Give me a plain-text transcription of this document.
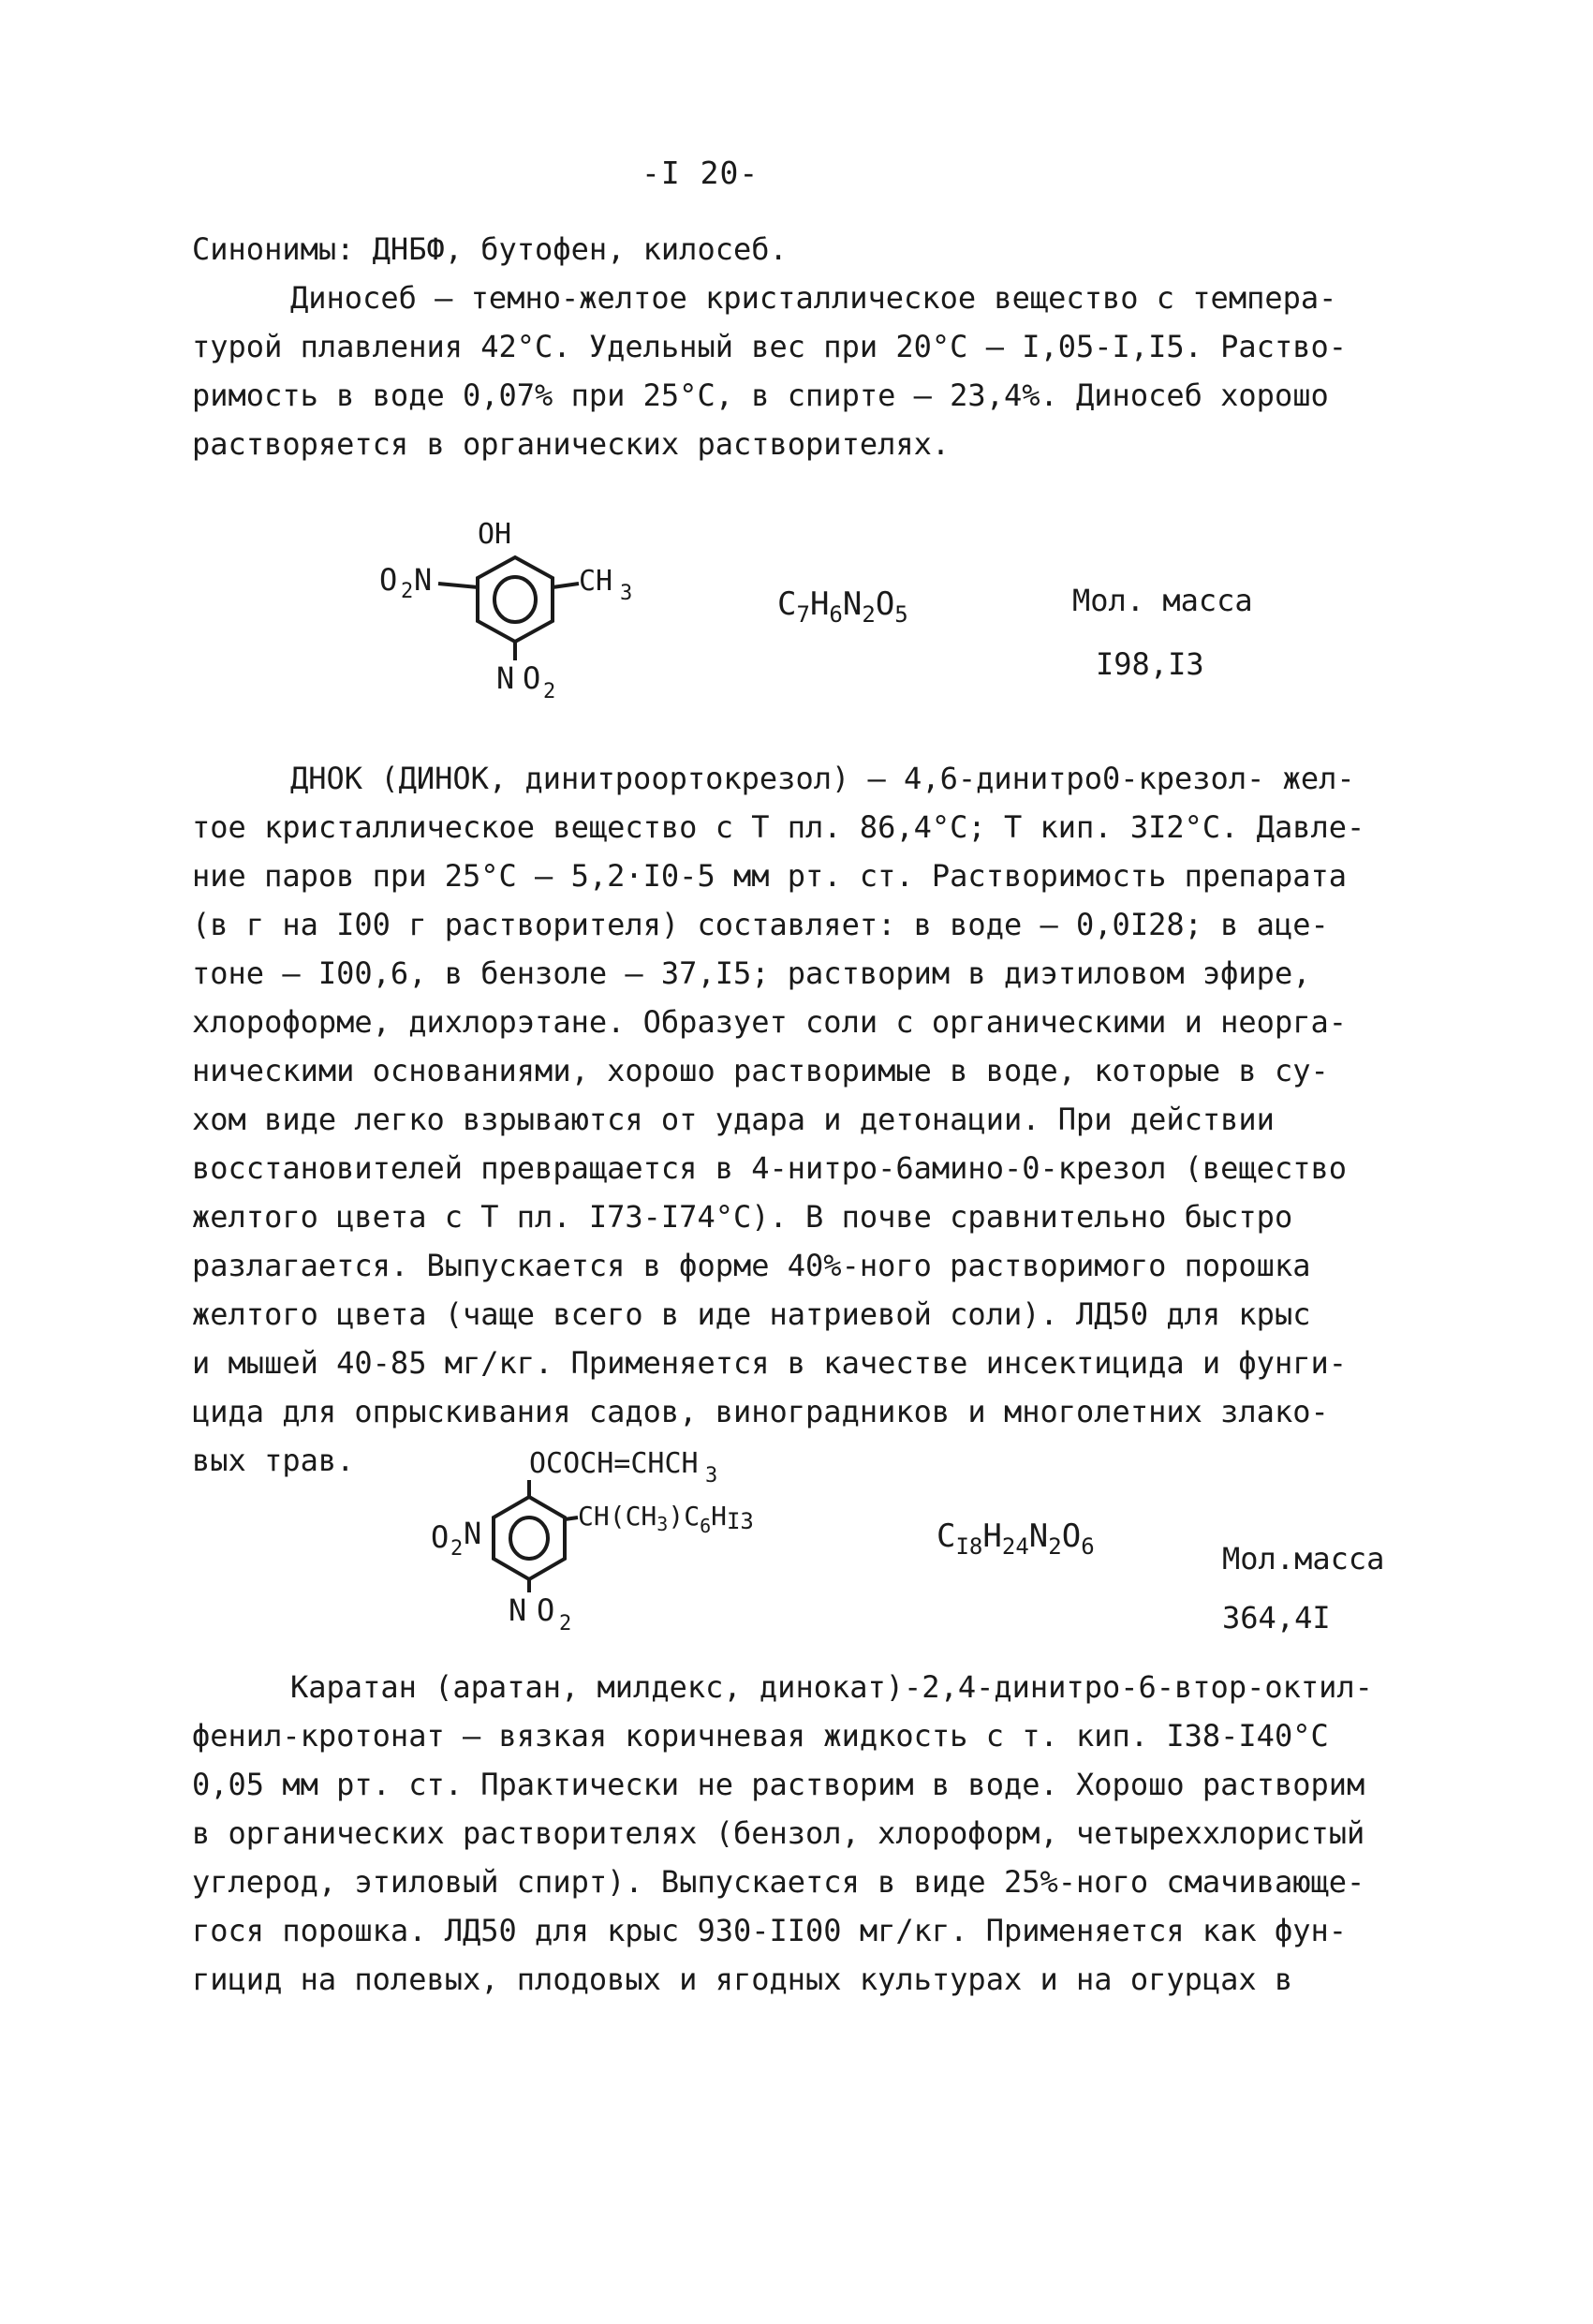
-I 20-
Синонимы: ДНБФ, бутофен, килосеб.
Диносеб – темно-желтое кристаллическое вещество с темпера-
турой плавления 42°С. Удельный вес при 20°С – I,05-I,I5. Раство-
римость в воде 0,07% при 25°С, в спирте – 23,4%. Диносеб хорошо
растворяется в органических растворителях.
OH
O 2 N	CH 3
N O 2
$C_7H_6N_2O_5$	Мол. масса
I98,I3
ДНОК (ДИНОК, динитроортокрезол) – 4,6-динитро0-крезол- жел-
тое кристаллическое вещество с Т пл. 86,4°С; Т кип. 3I2°С. Давле-
ние паров при 25°С – 5,2·I0-5 мм рт. ст. Растворимость препарата
(в г на I00 г растворителя) составляет: в воде – 0,0I28; в аце-
тоне – I00,6, в бензоле – 37,I5; растворим в диэтиловом эфире,
хлороформе, дихлорэтане. Образует соли с органическими и неорга-
ническими основаниями, хорошо растворимые в воде, которые в су-
хом виде легко взрываются от удара и детонации. При действии
восстановителей превращается в 4-нитро-6амино-0-крезол (вещество
желтого цвета с Т пл. I73-I74°С). В почве сравнительно быстро
разлагается. Выпускается в форме 40%-ного растворимого порошка
желтого цвета (чаще всего в иде натриевой соли). ЛД50 для крыс
и мышей 40-85 мг/кг. Применяется в качестве инсектицида и фунги-
цида для опрыскивания садов, виноградников и многолетних злако-
вых трав.	OCOCH=CHCH 3
O 2 N	$CH(CH_3)C_6HI3$
N O 2
$C_{I8}H_{24}N_2O_6$	Мол.масса
364,4I
Каратан (аратан, милдекс, динокат)-2,4-динитро-6-втор-октил-
фенил-кротонат – вязкая коричневая жидкость с т. кип. I38-I40°С
0,05 мм рт. ст. Практически не растворим в воде. Хорошо растворим
в органических растворителях (бензол, хлороформ, четыреххлористый
углерод, этиловый спирт). Выпускается в виде 25%-ного смачивающе-
гося порошка. ЛД50 для крыс 930-II00 мг/кг. Применяется как фун-
гицид на полевых, плодовых и ягодных культурах и на огурцах в
